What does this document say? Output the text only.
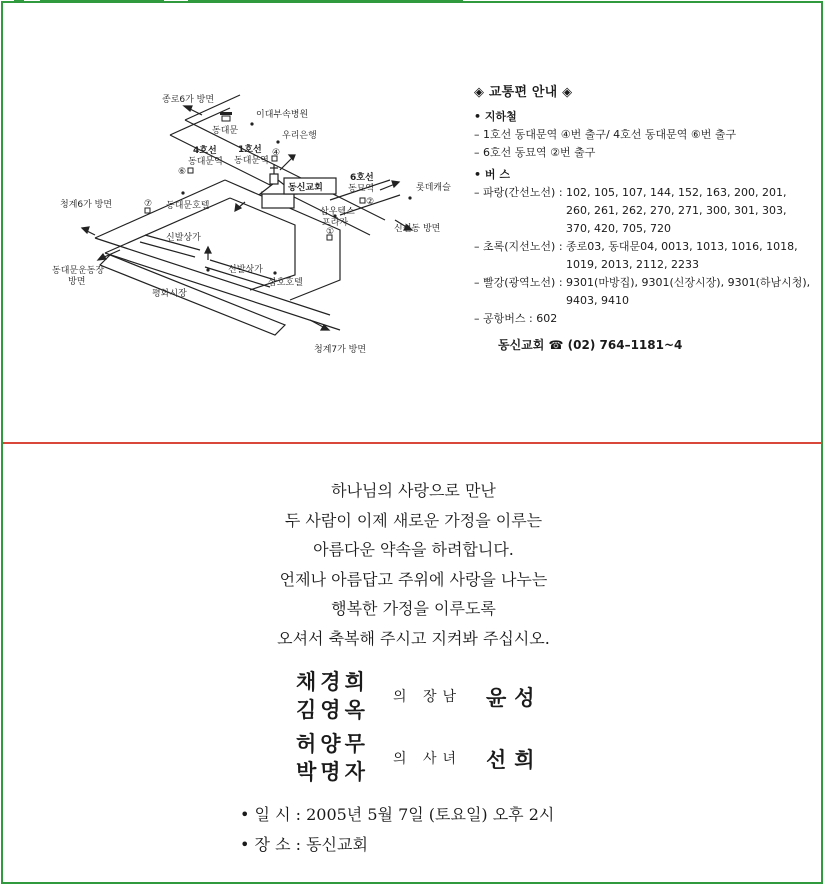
동신교회
종로6가 방면
이대부속병원
동대문	우리은행
4호선
동대문역
④
1호선
동대문역
⑥
6호선
동묘역
②
롯데캐슬
청계6가 방면	⑦ 동대문호텔
삼우텍스
프라자
①	신설동 방면
신발상가
신발상가
삼호호텔
동대문운동장
방면
평화시장
청계7가 방면
◈ 교통편 안내 ◈
• 지하철
– 1호선 동대문역 ④번 출구/ 4호선 동대문역 ⑥번 출구
– 6호선 동묘역 ②번 출구
• 버 스
– 파랑(간선노선) : 102, 105, 107, 144, 152, 163, 200, 201, 260, 261, 262, 270, 271, 300, 301, 303, 370, 420, 705, 720
– 초록(지선노선) : 종로03, 동대문04, 0013, 1013, 1016, 1018, 1019, 2013, 2112, 2233
– 빨강(광역노선) : 9301(마방집), 9301(신장시장), 9301(하남시청), 9403, 9410
– 공항버스 : 602
동신교회 ☎ (02) 764–1181~4
하나님의 사랑으로 만난
두 사람이 이제 새로운 가정을 이루는
아름다운 약속을 하려합니다.
언제나 아름답고 주위에 사랑을 나누는
행복한 가정을 이루도록
오셔서 축복해 주시고 지켜봐 주십시오.
채경희
김영옥 의 장남 윤성
허양무
박명자 의 사녀 선희
• 일 시 : 2005년 5월 7일 (토요일) 오후 2시
• 장 소 : 동신교회
